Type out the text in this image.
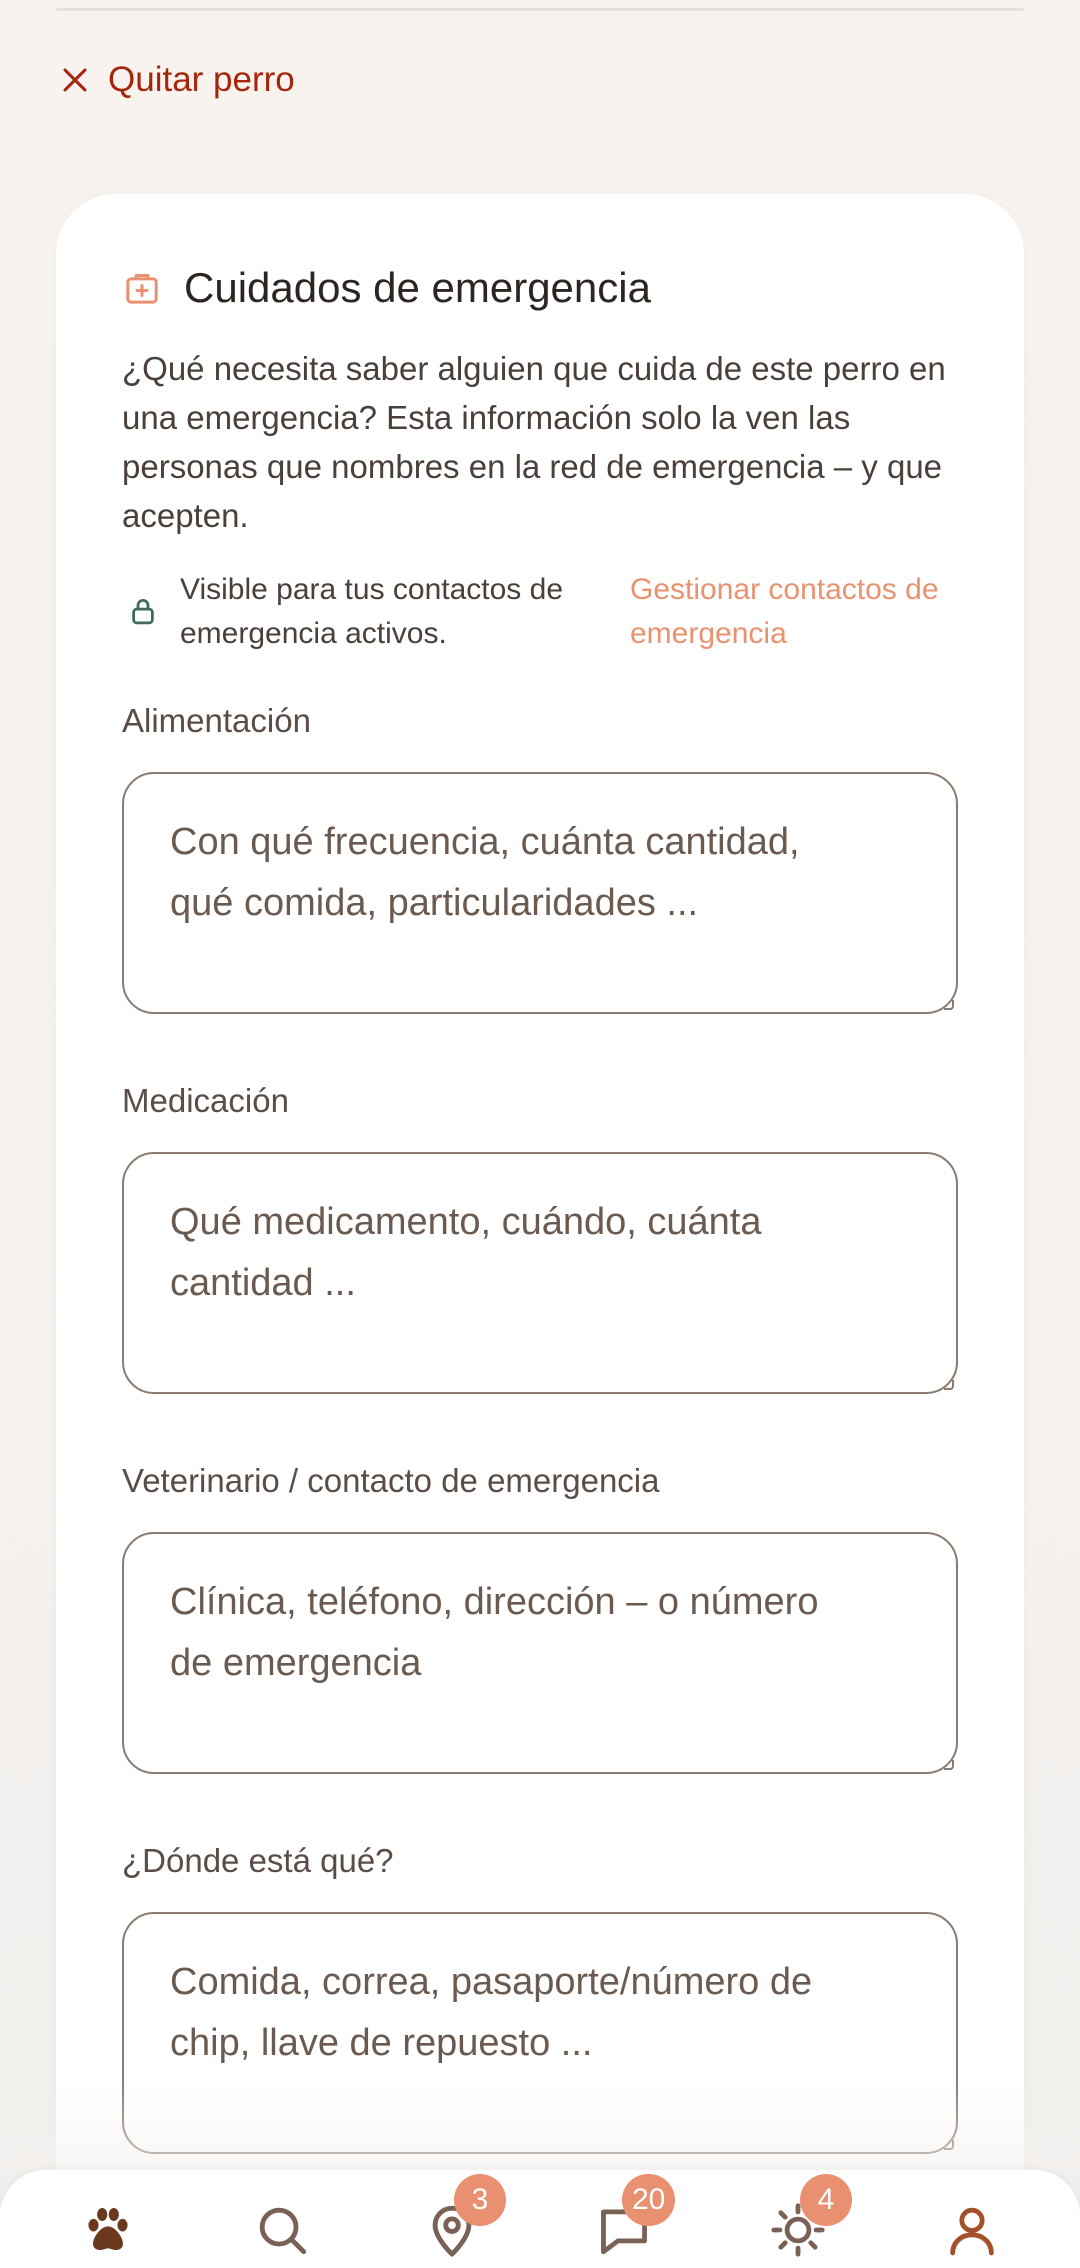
Quitar perro
Cuidados de emergencia

¿Qué necesita saber alguien que cuida de este perro en una emergencia? Esta información solo la ven las personas que nombres en la red de emergencia – y que acepten.

Visible para tus contactos de emergencia activos.
Gestionar contactos de emergencia
Alimentación
Con qué frecuencia, cuánta cantidad,
qué comida, particularidades ...
Medicación
Qué medicamento, cuándo, cuánta
cantidad ...
Veterinario / contacto de emergencia
Clínica, teléfono, dirección – o número
de emergencia
¿Dónde está qué?
Comida, correa, pasaporte/número de
chip, llave de repuesto ...
3	20	4
